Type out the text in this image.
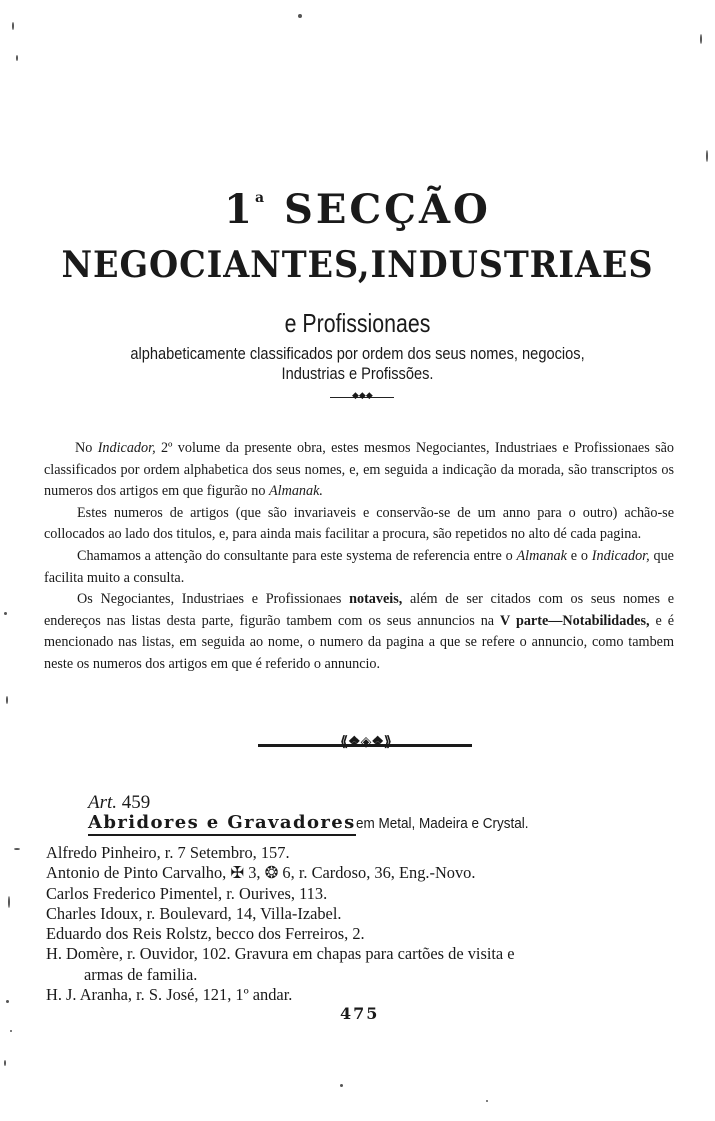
1$^a$ SECÇÃO
NEGOCIANTES,INDUSTRIAES
e Profissionaes
alphabeticamente classificados por ordem dos seus nomes, negocios,
Industrias e Profissões.
◆◆◆

No Indicador, 2º volume da presente obra, estes mesmos Negociantes, Industriaes e Profissionaes são classificados por ordem alphabetica dos seus nomes, e, em seguida a indicação da morada, são transcriptos os numeros dos artigos em que figurão no Almanak.

Estes numeros de artigos (que são invariaveis e conservão-se de um anno para o outro) achão-se collocados ao lado dos titulos, e, para ainda mais facilitar a procura, são repetidos no alto dé cada pagina.

Chamamos a attenção do consultante para este systema de referencia entre o Almanak e o Indicador, que facilita muito a consulta.

Os Negociantes, Industriaes e Profissionaes notaveis, além de ser citados com os seus nomes e endereços nas listas desta parte, figurão tambem com os seus annuncios na V parte—Notabilidades, e é mencionado nas listas, em seguida ao nome, o numero da pagina a que se refere o annuncio, como tambem neste os numeros dos artigos em que é referido o annuncio.

⟪❖◈❖⟫
Art. 459
Abridores e Gravadoresem Metal, Madeira e Crystal.
Alfredo Pinheiro, r. 7 Setembro, 157.
Antonio de Pinto Carvalho, ✠ 3, ❂ 6, r. Cardoso, 36, Eng.-Novo.
Carlos Frederico Pimentel, r. Ourives, 113.
Charles Idoux, r. Boulevard, 14, Villa-Izabel.
Eduardo dos Reis Rolstz, becco dos Ferreiros, 2.
H. Domère, r. Ouvidor, 102. Gravura em chapas para cartões de visita e
armas de familia.
H. J. Aranha, r. S. José, 121, 1º andar.
475
